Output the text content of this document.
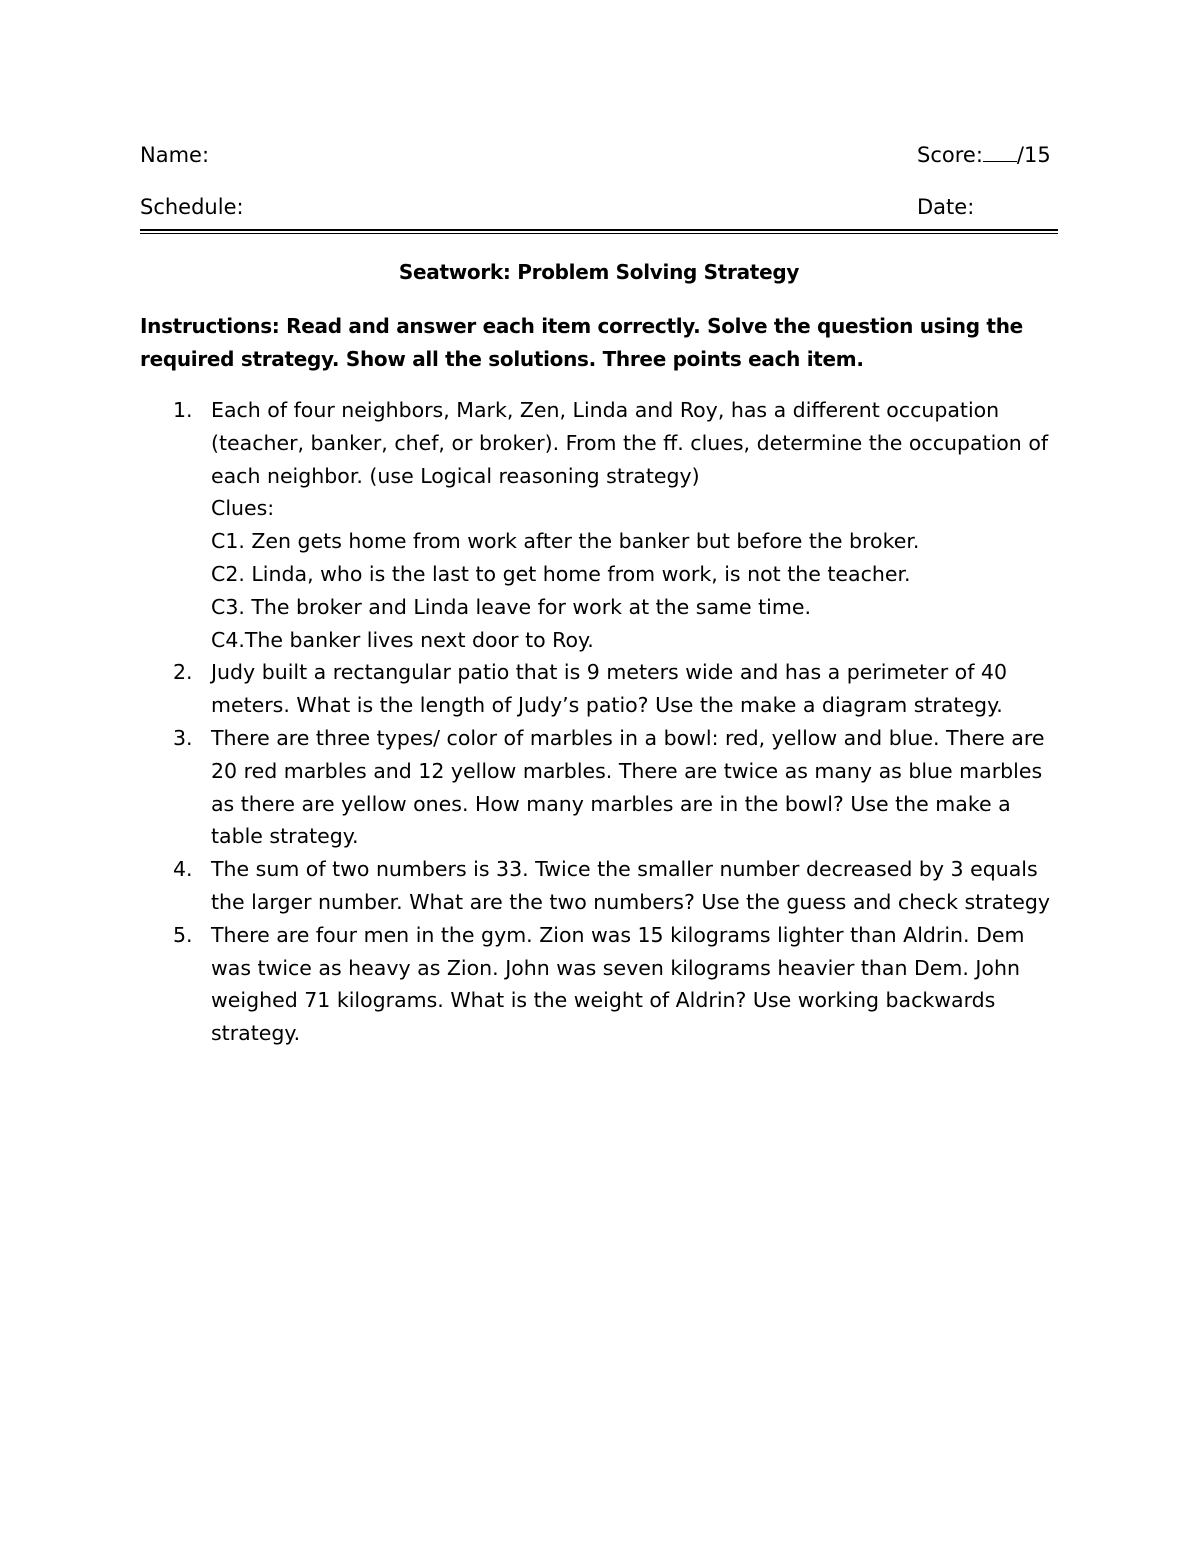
Name:	Score: /15
Schedule:	Date:
Seatwork: Problem Solving Strategy
Instructions: Read and answer each item correctly. Solve the question using the required strategy. Show all the solutions. Three points each item.
1. Each of four neighbors, Mark, Zen, Linda and Roy, has a different occupation (teacher, banker, chef, or broker). From the ff. clues, determine the occupation of each neighbor. (use Logical reasoning strategy)
Clues:
C1. Zen gets home from work after the banker but before the broker.
C2. Linda, who is the last to get home from work, is not the teacher.
C3. The broker and Linda leave for work at the same time.
C4.The banker lives next door to Roy.
2. Judy built a rectangular patio that is 9 meters wide and has a perimeter of 40 meters. What is the length of Judy’s patio? Use the make a diagram strategy.
3. There are three types/ color of marbles in a bowl: red, yellow and blue. There are 20 red marbles and 12 yellow marbles. There are twice as many as blue marbles as there are yellow ones. How many marbles are in the bowl? Use the make a table strategy.
4. The sum of two numbers is 33. Twice the smaller number decreased by 3 equals the larger number. What are the two numbers? Use the guess and check strategy
5. There are four men in the gym. Zion was 15 kilograms lighter than Aldrin. Dem was twice as heavy as Zion. John was seven kilograms heavier than Dem. John weighed 71 kilograms. What is the weight of Aldrin? Use working backwards strategy.
